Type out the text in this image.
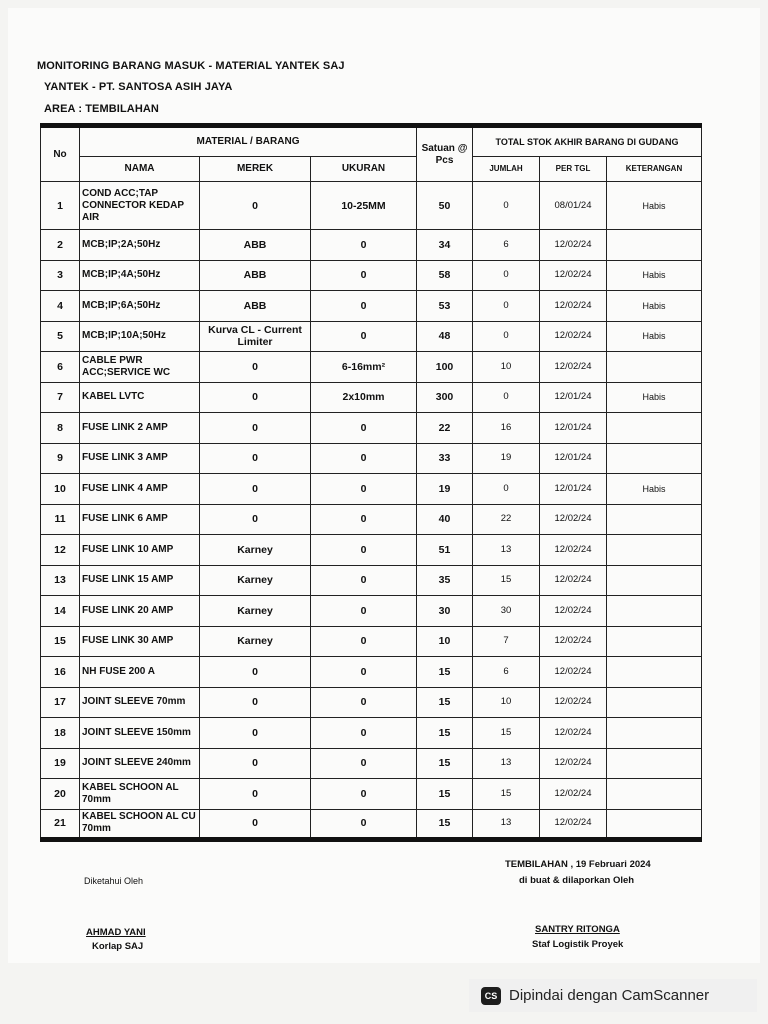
MONITORING BARANG MASUK - MATERIAL YANTEK SAJ
YANTEK - PT. SANTOSA ASIH JAYA
AREA : TEMBILAHAN
No	MATERIAL / BARANG			Satuan @ Pcs	TOTAL STOK AKHIR BARANG DI GUDANG		
	NAMA	MEREK	UKURAN		JUMLAH	PER TGL	KETERANGAN
1	COND ACC;TAP CONNECTOR KEDAP AIR	0	10-25MM	50	0	08/01/24	Habis
2	MCB;IP;2A;50Hz	ABB	0	34	6	12/02/24	
3	MCB;IP;4A;50Hz	ABB	0	58	0	12/02/24	Habis
4	MCB;IP;6A;50Hz	ABB	0	53	0	12/02/24	Habis
5	MCB;IP;10A;50Hz	Kurva CL - Current Limiter	0	48	0	12/02/24	Habis
6	CABLE PWR ACC;SERVICE WC	0	6-16mm²	100	10	12/02/24	
7	KABEL LVTC	0	2x10mm	300	0	12/01/24	Habis
8	FUSE LINK 2 AMP	0	0	22	16	12/01/24	
9	FUSE LINK 3 AMP	0	0	33	19	12/01/24	
10	FUSE LINK 4 AMP	0	0	19	0	12/01/24	Habis
11	FUSE LINK 6 AMP	0	0	40	22	12/02/24	
12	FUSE LINK 10 AMP	Karney	0	51	13	12/02/24	
13	FUSE LINK 15 AMP	Karney	0	35	15	12/02/24	
14	FUSE LINK 20 AMP	Karney	0	30	30	12/02/24	
15	FUSE LINK 30 AMP	Karney	0	10	7	12/02/24	
16	NH FUSE 200 A	0	0	15	6	12/02/24	
17	JOINT SLEEVE 70mm	0	0	15	10	12/02/24	
18	JOINT SLEEVE 150mm	0	0	15	15	12/02/24	
19	JOINT SLEEVE 240mm	0	0	15	13	12/02/24	
20	KABEL SCHOON AL 70mm	0	0	15	15	12/02/24	
21	KABEL SCHOON AL CU 70mm	0	0	15	13	12/02/24	
TEMBILAHAN , 19 Februari 2024
di buat & dilaporkan Oleh
Diketahui Oleh
AHMAD YANI
Korlap SAJ
SANTRY RITONGA
Staf Logistik Proyek
CS Dipindai dengan CamScanner
